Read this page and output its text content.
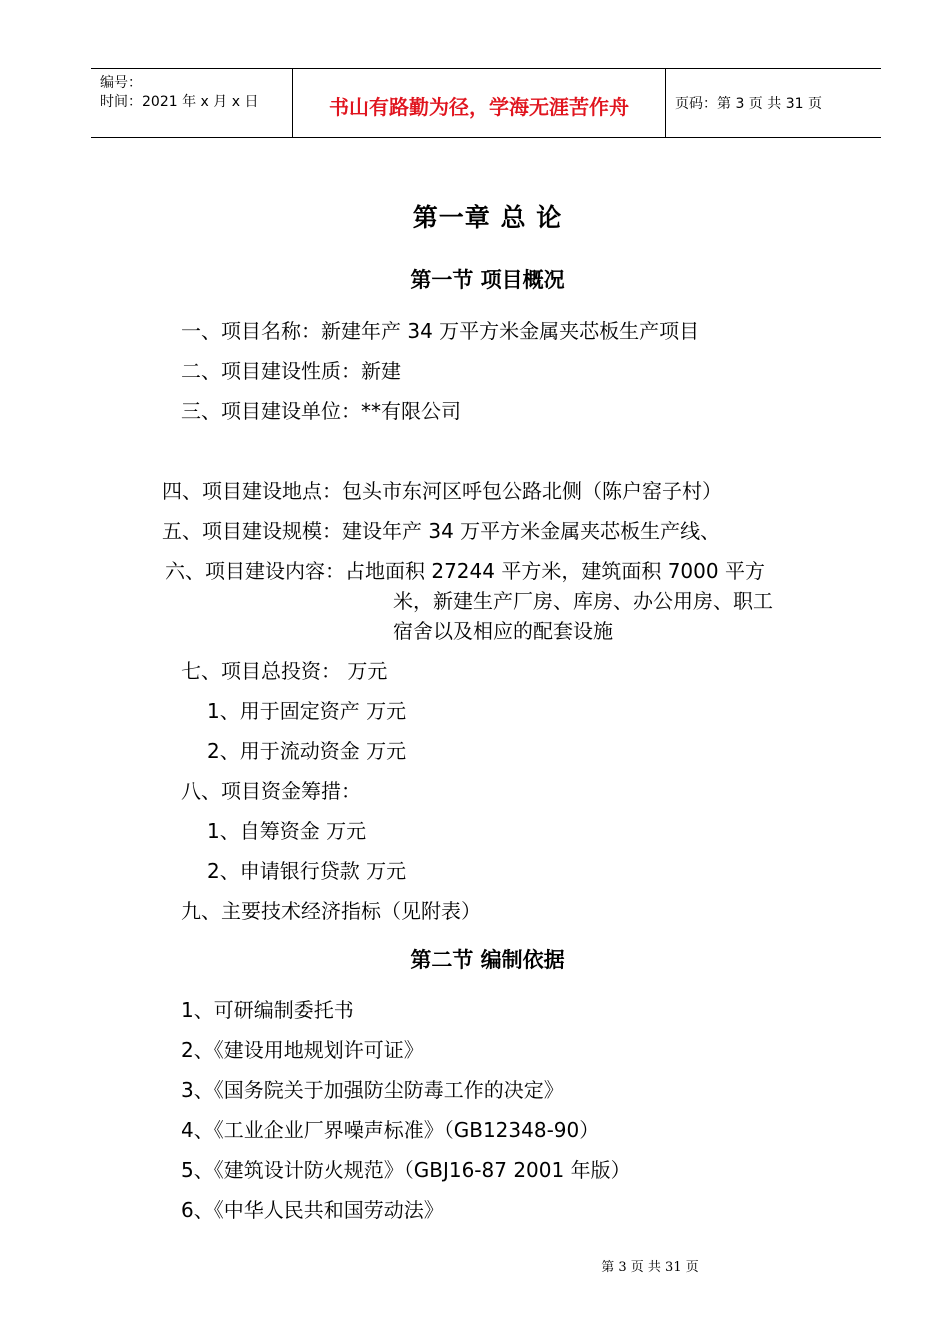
编号：
时间：2021 年 x 月 x 日	书山有路勤为径，学海无涯苦作舟	页码：第 3 页 共 31 页
第一章 总 论
第一节 项目概况
一、项目名称：新建年产 34 万平方米金属夹芯板生产项目
二、项目建设性质：新建
三、项目建设单位：**有限公司
四、项目建设地点：包头市东河区呼包公路北侧（陈户窑子村）
五、项目建设规模：建设年产 34 万平方米金属夹芯板生产线、
六、项目建设内容：占地面积 27244 平方米，建筑面积 7000 平方
米，新建生产厂房、库房、办公用房、职工
宿舍以及相应的配套设施
七、项目总投资： 万元
1、用于固定资产 万元
2、用于流动资金 万元
八、项目资金筹措：
1、自筹资金 万元
2、申请银行贷款 万元
九、主要技术经济指标（见附表）
第二节 编制依据
1、可研编制委托书
2、《建设用地规划许可证》
3、《国务院关于加强防尘防毒工作的决定》
4、《工业企业厂界噪声标准》（GB12348-90）
5、《建筑设计防火规范》（GBJ16-87 2001 年版）
6、《中华人民共和国劳动法》
第 3 页 共 31 页
